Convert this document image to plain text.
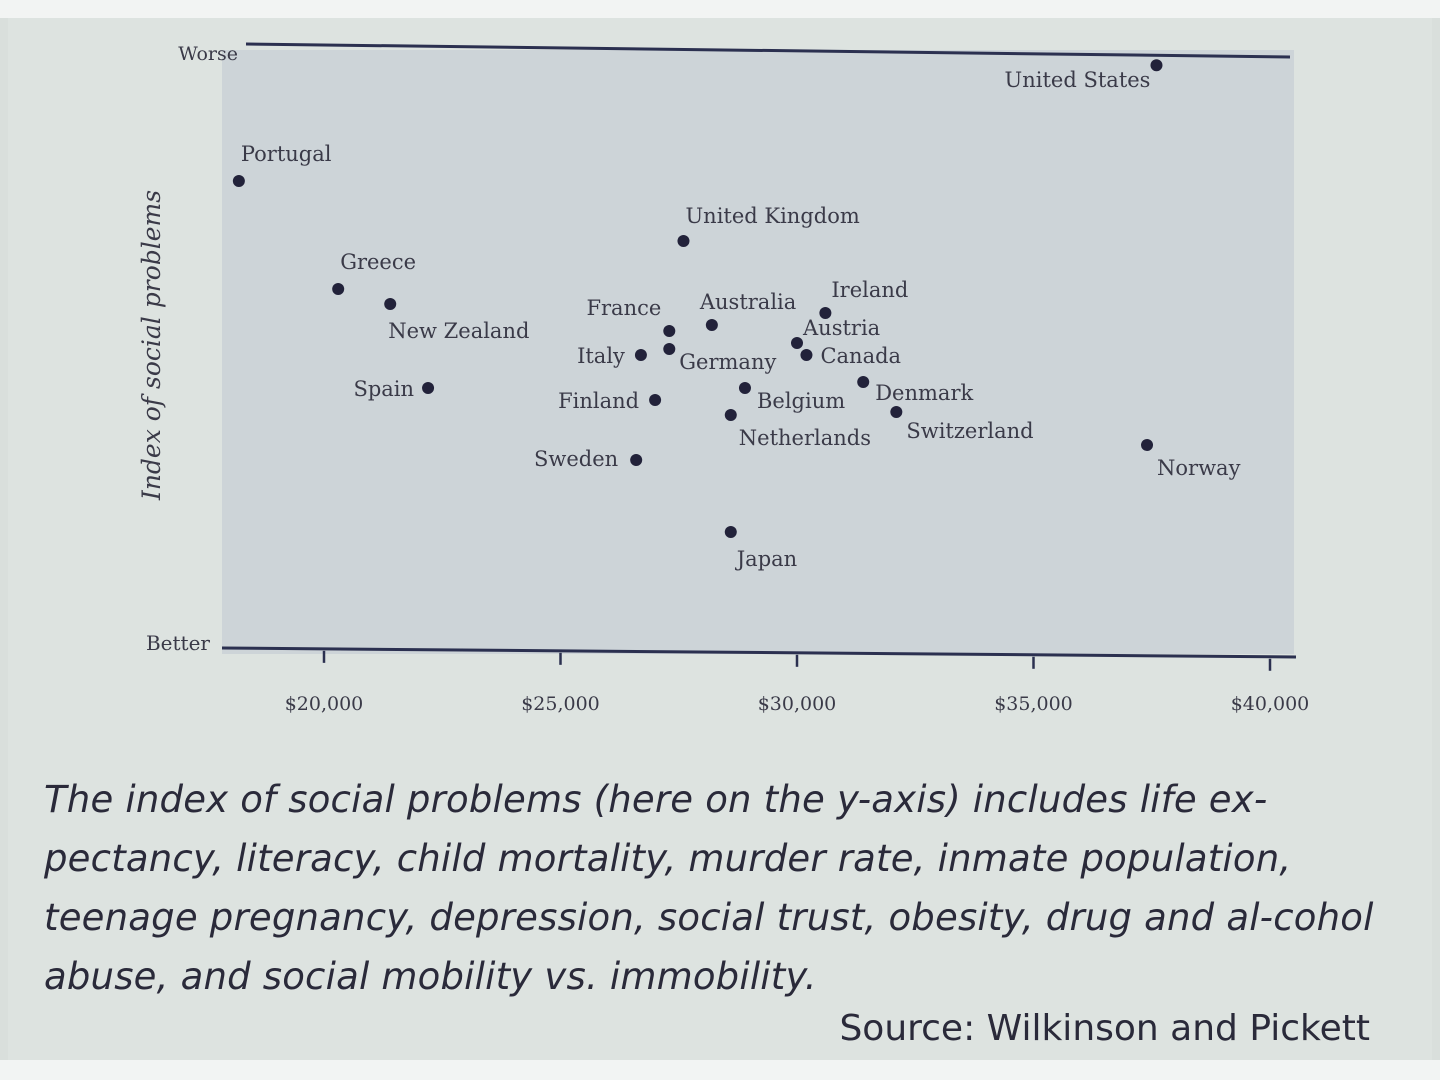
Worse
Better
Index of social problems
$20,000	$25,000	$30,000	$35,000	$40,000
United States
Portugal
United Kingdom
Greece
New Zealand
Ireland
France Australia
Austria
Canada
Italy	Germany
Spain	Denmark
Belgium
Finland
Netherlands Switzerland
Norway
Sweden
Japan
The index of social problems (here on the y-axis) includes life ex-pectancy, literacy, child mortality, murder rate, inmate population, teenage pregnancy, depression, social trust, obesity, drug and al-cohol abuse, and social mobility vs. immobility.
Source: Wilkinson and Pickett
